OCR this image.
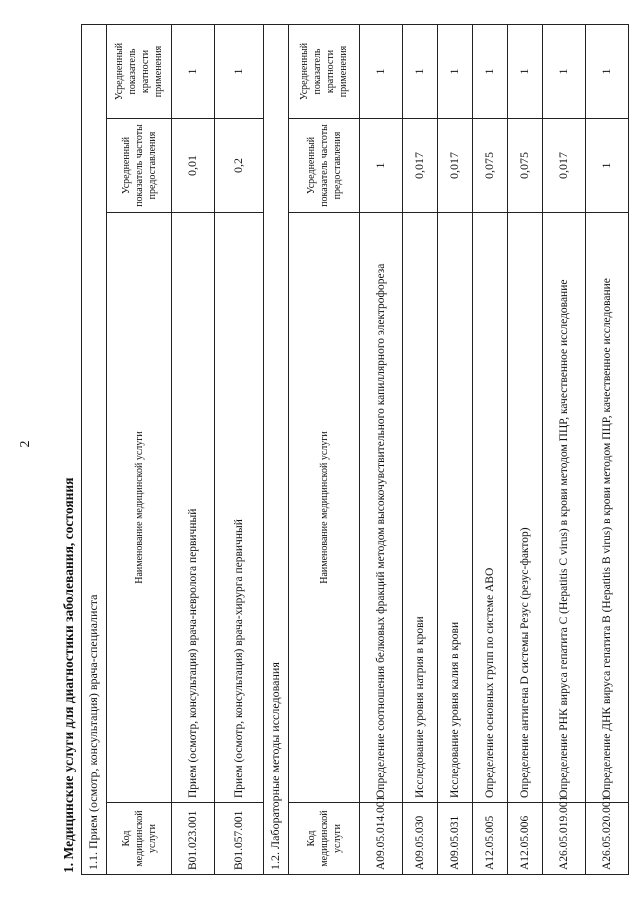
2
1. Медицинские услуги для диагностики заболевания, состояния 1.1. Прием (осмотр, консультация) врача-специалиста			
Код медицинской услуги	Наименование медицинской услуги	Усредненный показатель частоты предоставления	Усредненный показатель кратности применения
B01.023.001	Прием (осмотр, консультация) врача-невролога первичный	0,01	1
B01.057.001	Прием (осмотр, консультация) врача-хирурга первичный	0,2	1
1.2. Лабораторные методы исследования			
Код медицинской услуги	Наименование медицинской услуги	Усредненный показатель частоты предоставления	Усредненный показатель кратности применения
A09.05.014.001	Определение соотношения белковых фракций методом высокочувствительного капиллярного электрофореза	1	1
A09.05.030	Исследование уровня натрия в крови	0,017	1
A09.05.031	Исследование уровня калия в крови	0,017	1
A12.05.005	Определение основных групп по системе ABO	0,075	1
A12.05.006	Определение антигена D системы Резус (резус-фактор)	0,075	1
A26.05.019.001	Определение РНК вируса гепатита C (Hepatitis C virus) в крови методом ПЦР, качественное исследование	0,017	1
A26.05.020.001	Определение ДНК вируса гепатита B (Hepatitis B virus) в крови методом ПЦР, качественное исследование	1	1
